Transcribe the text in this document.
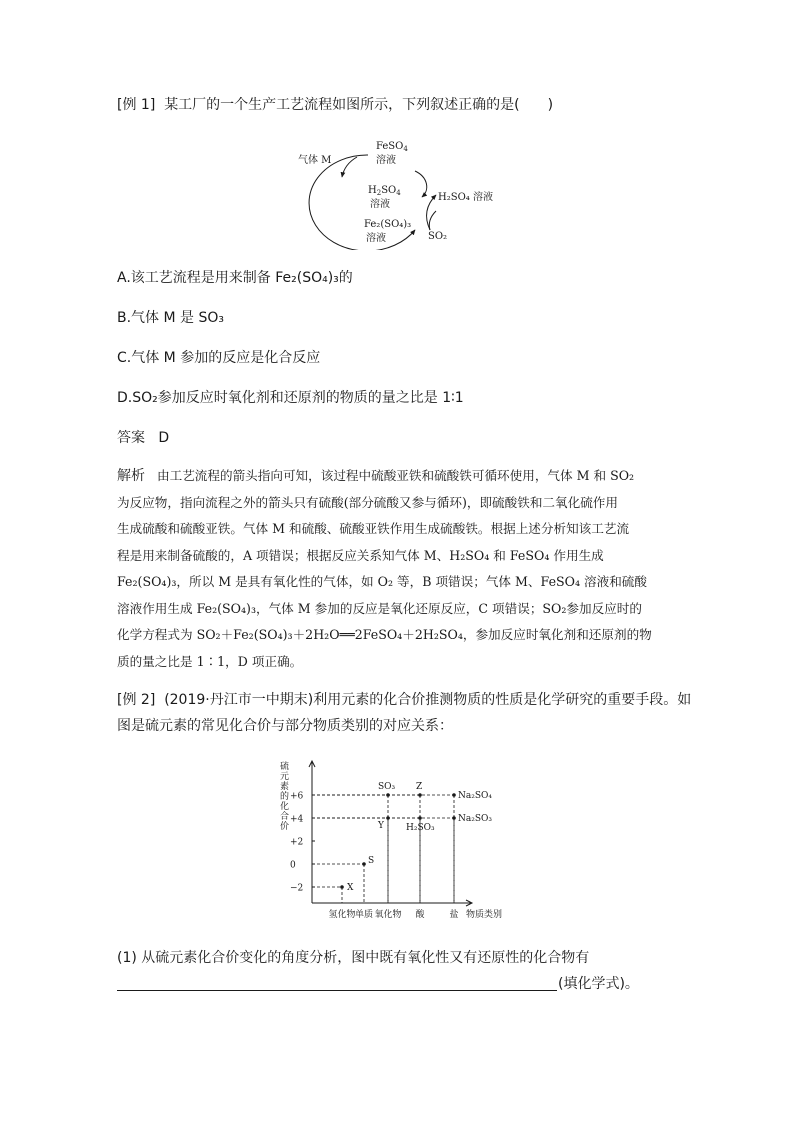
[例 1] 某工厂的一个生产工艺流程如图所示，下列叙述正确的是(　　)
气体 M
FeSO$_4$
溶液
$H_2SO_4$
溶液
H₂SO₄ 溶液
Fe₂(SO₄)₃
溶液	SO₂
A.该工艺流程是用来制备 Fe₂(SO₄)₃的
B.气体 M 是 SO₃
C.气体 M 参加的反应是化合反应
D.SO₂参加反应时氧化剂和还原剂的物质的量之比是 1∶1
答案 D
解析 由工艺流程的箭头指向可知，该过程中硫酸亚铁和硫酸铁可循环使用，气体 M 和 SO₂
为反应物，指向流程之外的箭头只有硫酸(部分硫酸又参与循环)，即硫酸铁和二氧化硫作用
生成硫酸和硫酸亚铁。气体 M 和硫酸、硫酸亚铁作用生成硫酸铁。根据上述分析知该工艺流
程是用来制备硫酸的，A 项错误；根据反应关系知气体 M、H₂SO₄ 和 FeSO₄ 作用生成
Fe₂(SO₄)₃，所以 M 是具有氧化性的气体，如 O₂ 等，B 项错误；气体 M、FeSO₄ 溶液和硫酸
溶液作用生成 Fe₂(SO₄)₃，气体 M 参加的反应是氧化还原反应，C 项错误；SO₂参加反应时的
化学方程式为 SO₂＋Fe₂(SO₄)₃＋2H₂O══2FeSO₄＋2H₂SO₄，参加反应时氧化剂和还原剂的物
质的量之比是 1∶1，D 项正确。
[例 2] (2019·丹江市一中期末)利用元素的化合价推测物质的性质是化学研究的重要手段。如
图是硫元素的常见化合价与部分物质类别的对应关系：
硫
元
素
的
化
合
价
+6
+4
+2
0
−2
氢化物 单质 氧化物 酸	盐 物质类别
X
S
SO₃
Y
Z
H₂SO₃
Na₂SO₄
Na₂SO₃
(1) 从硫元素化合价变化的角度分析，图中既有氧化性又有还原性的化合物有
(填化学式)。
